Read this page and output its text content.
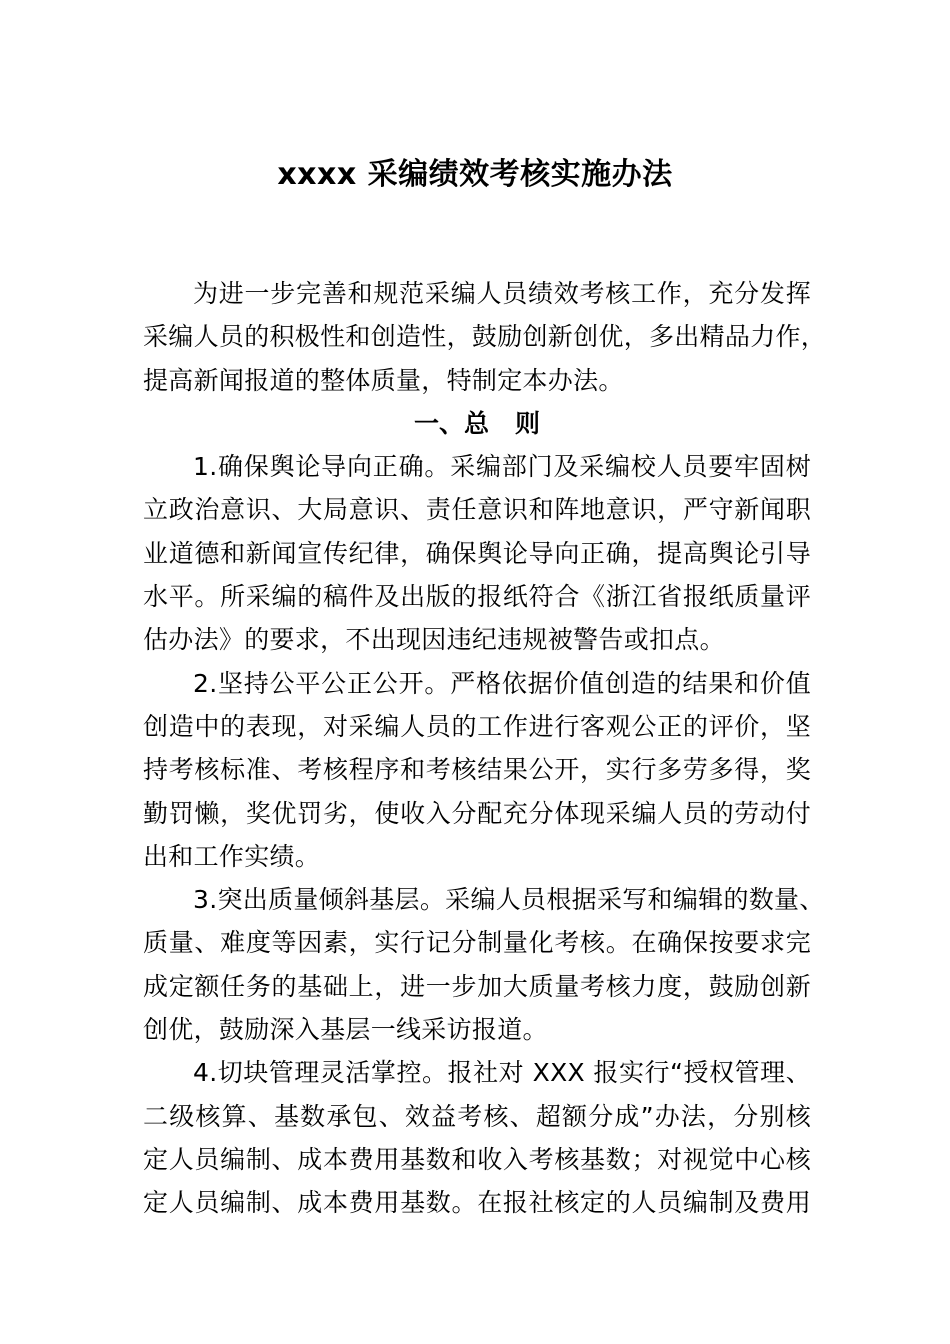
xxxx 采编绩效考核实施办法
为进一步完善和规范采编人员绩效考核工作，充分发挥
采编人员的积极性和创造性，鼓励创新创优，多出精品力作，
提高新闻报道的整体质量，特制定本办法。
一、总   则
1.确保舆论导向正确。采编部门及采编校人员要牢固树
立政治意识、大局意识、责任意识和阵地意识，严守新闻职
业道德和新闻宣传纪律，确保舆论导向正确，提高舆论引导
水平。所采编的稿件及出版的报纸符合《浙江省报纸质量评
估办法》的要求，不出现因违纪违规被警告或扣点。
2.坚持公平公正公开。严格依据价值创造的结果和价值
创造中的表现，对采编人员的工作进行客观公正的评价，坚
持考核标准、考核程序和考核结果公开，实行多劳多得，奖
勤罚懒，奖优罚劣，使收入分配充分体现采编人员的劳动付
出和工作实绩。
3.突出质量倾斜基层。采编人员根据采写和编辑的数量、
质量、难度等因素，实行记分制量化考核。在确保按要求完
成定额任务的基础上，进一步加大质量考核力度，鼓励创新
创优，鼓励深入基层一线采访报道。
4.切块管理灵活掌控。报社对 XXX 报实行“授权管理、
二级核算、基数承包、效益考核、超额分成”办法，分别核
定人员编制、成本费用基数和收入考核基数；对视觉中心核
定人员编制、成本费用基数。在报社核定的人员编制及费用
